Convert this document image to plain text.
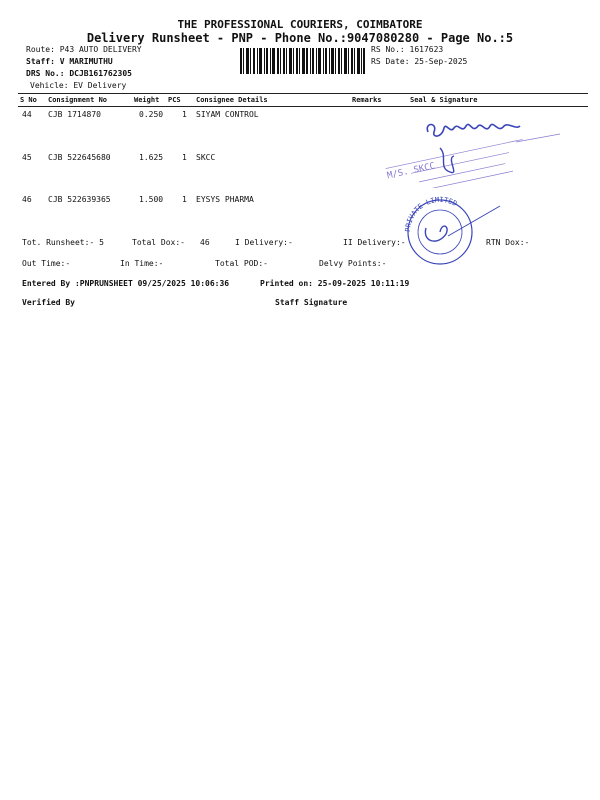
THE PROFESSIONAL COURIERS, COIMBATORE
Delivery Runsheet - PNP - Phone No.:9047080280 - Page No.:5
Route: P43 AUTO DELIVERY
Staff: V MARIMUTHU
DRS No.: DCJB161762305
Vehicle: EV Delivery
RS No.: 1617623
RS Date: 25-Sep-2025
S No Consignment No	Weight PCS Consignee Details	Remarks	Seal & Signature
44 CJB 1714870	0.250 1 SIYAM CONTROL
45 CJB 522645680	1.625 1 SKCC
46 CJB 522639365	1.500 1 EYSYS PHARMA
M/S. SKCC
PRIVATE LIMITED
Tot. Runsheet:- 5	Total Dox:- 46	I Delivery:-	II Delivery:-	RTN Dox:-
Out Time:-	In Time:-	Total POD:-	Delvy Points:-
Entered By :PNPRUNSHEET 09/25/2025 10:06:36	Printed on: 25-09-2025 10:11:19
Verified By	Staff Signature
